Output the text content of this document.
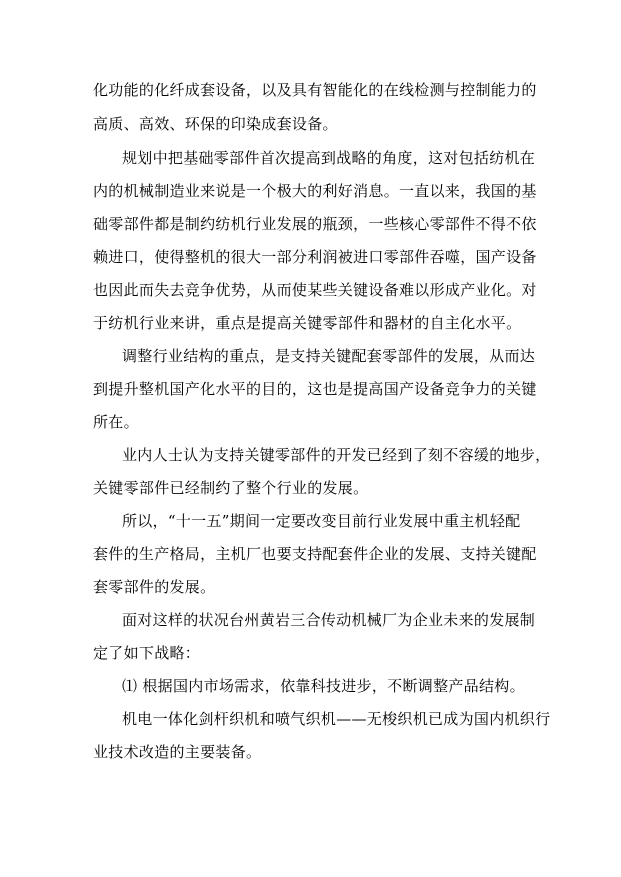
化功能的化纤成套设备，以及具有智能化的在线检测与控制能力的
高质、高效、环保的印染成套设备。
规划中把基础零部件首次提高到战略的角度，这对包括纺机在
内的机械制造业来说是一个极大的利好消息。一直以来，我国的基
础零部件都是制约纺机行业发展的瓶颈，一些核心零部件不得不依
赖进口，使得整机的很大一部分利润被进口零部件吞噬，国产设备
也因此而失去竞争优势，从而使某些关键设备难以形成产业化。对
于纺机行业来讲，重点是提高关键零部件和器材的自主化水平。
调整行业结构的重点，是支持关键配套零部件的发展，从而达
到提升整机国产化水平的目的，这也是提高国产设备竞争力的关键
所在。
业内人士认为支持关键零部件的开发已经到了刻不容缓的地步，
关键零部件已经制约了整个行业的发展。
所以，“十一五”期间一定要改变目前行业发展中重主机轻配
套件的生产格局，主机厂也要支持配套件企业的发展、支持关键配
套零部件的发展。
面对这样的状况台州黄岩三合传动机械厂为企业未来的发展制
定了如下战略：
⑴ 根据国内市场需求，依靠科技进步，不断调整产品结构。
机电一体化剑杆织机和喷气织机——无梭织机已成为国内机织行
业技术改造的主要装备。
